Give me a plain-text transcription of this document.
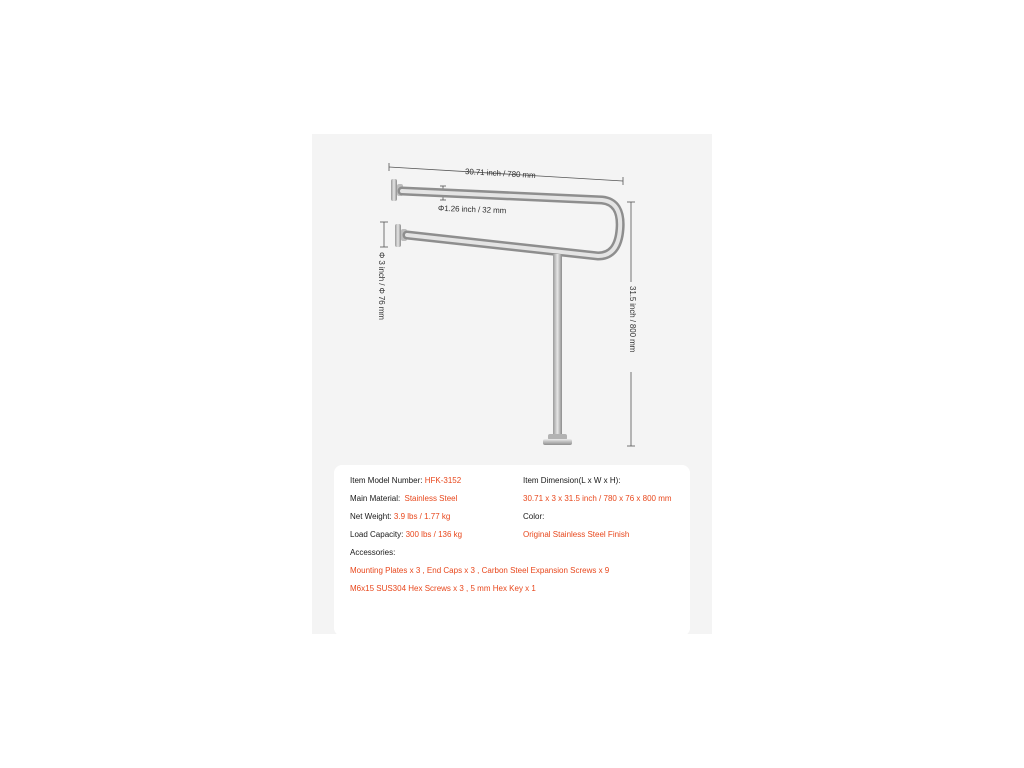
30.71 inch / 780 mm
Φ1.26 inch / 32 mm
Φ 3 inch / Φ 76 mm	31.5 inch / 800 mm
Item Model Number: HFK-3152
Main Material: Stainless Steel
Net Weight: 3.9 lbs / 1.77 kg
Load Capacity: 300 lbs / 136 kg
Accessories:
Mounting Plates x 3 , End Caps x 3 , Carbon Steel Expansion Screws x 9
M6x15 SUS304 Hex Screws x 3 , 5 mm Hex Key x 1
Item Dimension(L x W x H):
30.71 x 3 x 31.5 inch / 780 x 76 x 800 mm
Color:
Original Stainless Steel Finish
